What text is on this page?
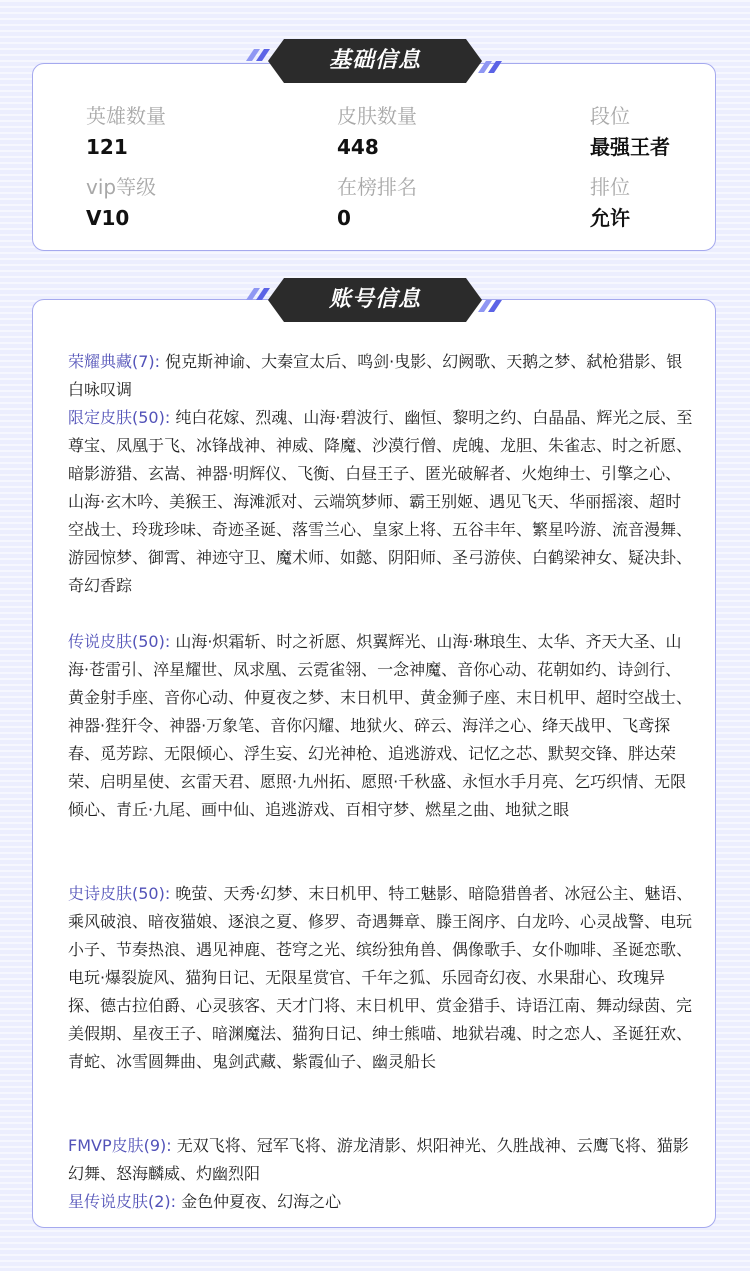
英雄数量
121
皮肤数量
448
段位
最强王者
vip等级
V10
在榜排名
0
排位
允许
基础信息
账号信息

荣耀典藏(7): 倪克斯神谕、大秦宣太后、鸣剑·曳影、幻阙歌、天鹅之梦、弑枪猎影、银白咏叹调

限定皮肤(50): 纯白花嫁、烈魂、山海·碧波行、幽恒、黎明之约、白晶晶、辉光之辰、至尊宝、凤凰于飞、冰锋战神、神威、降魔、沙漠行僧、虎魄、龙胆、朱雀志、时之祈愿、暗影游猎、玄嵩、神器·明辉仪、飞衡、白昼王子、匿光破解者、火炮绅士、引擎之心、山海·玄木吟、美猴王、海滩派对、云端筑梦师、霸王别姬、遇见飞天、华丽摇滚、超时空战士、玲珑珍味、奇迹圣诞、落雪兰心、皇家上将、五谷丰年、繁星吟游、流音漫舞、游园惊梦、御霄、神迹守卫、魔术师、如懿、阴阳师、圣弓游侠、白鹤梁神女、疑决卦、奇幻香踪

传说皮肤(50): 山海·炽霜斩、时之祈愿、炽翼辉光、山海·琳琅生、太华、齐天大圣、山海·苍雷引、淬星耀世、凤求凰、云霓雀翎、一念神魔、音你心动、花朝如约、诗剑行、黄金射手座、音你心动、仲夏夜之梦、末日机甲、黄金狮子座、末日机甲、超时空战士、神器·狴犴令、神器·万象笔、音你闪耀、地狱火、碎云、海洋之心、绛天战甲、飞鸢探春、觅芳踪、无限倾心、浮生妄、幻光神枪、追逃游戏、记忆之芯、默契交锋、胖达荣荣、启明星使、玄雷天君、愿照·九州拓、愿照·千秋盛、永恒水手月亮、乞巧织情、无限倾心、青丘·九尾、画中仙、追逃游戏、百相守梦、燃星之曲、地狱之眼

史诗皮肤(50): 晚萤、天秀·幻梦、末日机甲、特工魅影、暗隐猎兽者、冰冠公主、魅语、乘风破浪、暗夜猫娘、逐浪之夏、修罗、奇遇舞章、滕王阁序、白龙吟、心灵战警、电玩小子、节奏热浪、遇见神鹿、苍穹之光、缤纷独角兽、偶像歌手、女仆咖啡、圣诞恋歌、电玩·爆裂旋风、猫狗日记、无限星赏官、千年之狐、乐园奇幻夜、水果甜心、玫瑰异探、德古拉伯爵、心灵骇客、天才门将、末日机甲、赏金猎手、诗语江南、舞动绿茵、完美假期、星夜王子、暗渊魔法、猫狗日记、绅士熊喵、地狱岩魂、时之恋人、圣诞狂欢、青蛇、冰雪圆舞曲、鬼剑武藏、紫霞仙子、幽灵船长

FMVP皮肤(9): 无双飞将、冠军飞将、游龙清影、炽阳神光、久胜战神、云鹰飞将、猫影幻舞、怒海麟威、灼幽烈阳

星传说皮肤(2): 金色仲夏夜、幻海之心
